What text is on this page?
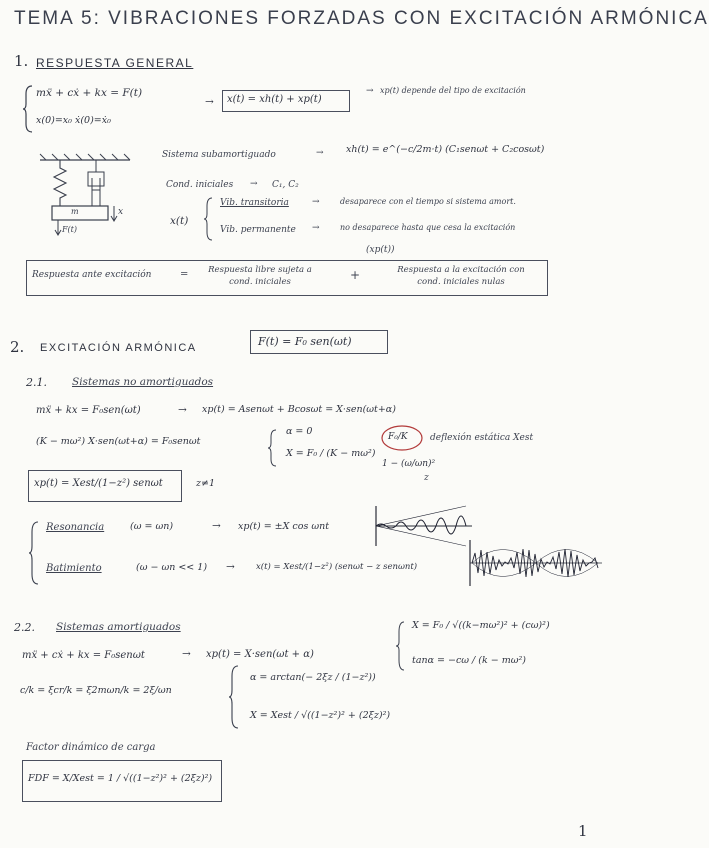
TEMA 5: VIBRACIONES FORZADAS CON EXCITACIÓN ARMÓNICA
1. RESPUESTA GENERAL
mẍ + cẋ + kx = F(t)
x(0)=x₀ ẋ(0)=ẋ₀
→ x(t) = xh(t) + xp(t)
→ xp(t) depende del tipo de excitación
m	x
F(t)
Sistema subamortiguado	→ xh(t) = e^(−c/2m·t) (C₁senωt + C₂cosωt)
Cond. iniciales → C₁, C₂
x(t)
Vib. transitoria	→	desaparece con el tiempo si sistema amort.
Vib. permanente →	no desaparece hasta que cesa la excitación
(xp(t))
Respuesta ante excitación	=	Respuesta libre sujeta a cond. iniciales	+	Respuesta a la excitación con cond. iniciales nulas
2. EXCITACIÓN ARMÓNICA	F(t) = F₀ sen(ωt)
2.1. Sistemas no amortiguados
mẍ + kx = F₀sen(ωt)	→ xp(t) = Asenωt + Bcosωt = X·sen(ωt+α)
(K − mω²) X·sen(ωt+α) = F₀senωt
α = 0
X = F₀ / (K − mω²)
F₀/K
1 − (ω/ωn)²
deflexión estática Xest
z
xp(t) = Xest/(1−z²) senωt	z≠1
Resonancia	(ω = ωn)	→ xp(t) = ±X cos ωnt
Batimiento	(ω − ωn << 1) → x(t) = Xest/(1−z²) (senωt − z senωnt)
2.2. Sistemas amortiguados
mẍ + cẋ + kx = F₀senωt	→ xp(t) = X·sen(ωt + α)
X = F₀ / √((k−mω²)² + (cω)²)
tanα = −cω / (k − mω²)
c/k = ξcr/k = ξ2mωn/k = 2ξ/ωn
α = arctan(− 2ξz / (1−z²))
X = Xest / √((1−z²)² + (2ξz)²)
Factor dinámico de carga
FDF = X/Xest = 1 / √((1−z²)² + (2ξz)²)
1
